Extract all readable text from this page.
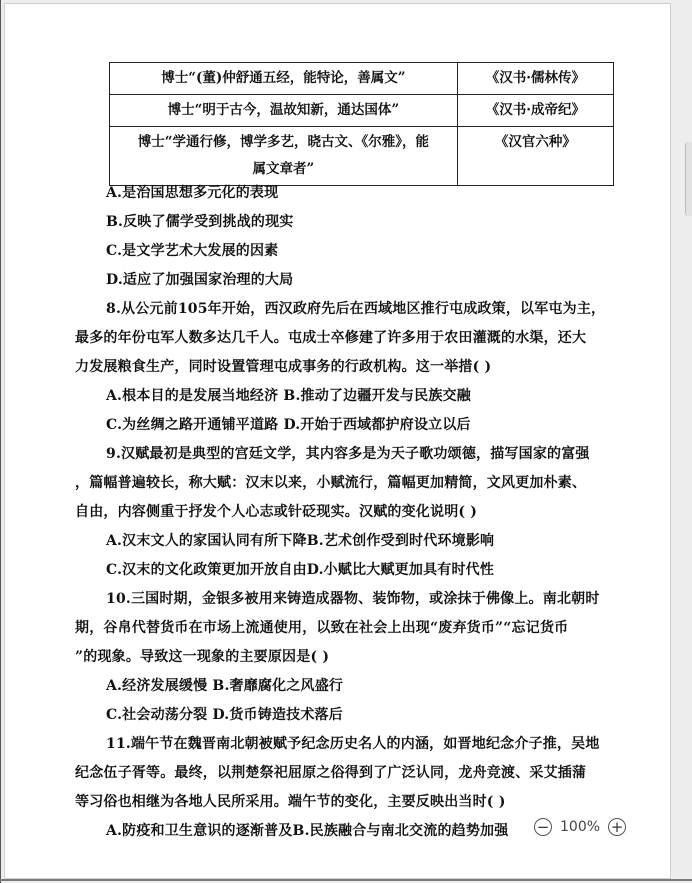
博士“(董)仲舒通五经，能特论，善属文”	《汉书·儒林传》
博士“明于古今，温故知新，通达国体”	《汉书·成帝纪》

博士“学通行修，博学多艺，晓古文、《尔雅》，能
属文章者”	《汉官六种》
A.是治国思想多元化的表现
B.反映了儒学受到挑战的现实
C.是文学艺术大发展的因素
D.适应了加强国家治理的大局
8.从公元前105年开始，西汉政府先后在西域地区推行屯成政策，以军屯为主，
最多的年份屯军人数多达几千人。屯成士卒修建了许多用于农田灌溉的水渠，还大
力发展粮食生产，同时设置管理屯成事务的行政机构。这一举措( )
A.根本目的是发展当地经济 B.推动了边疆开发与民族交融
C.为丝绸之路开通铺平道路 D.开始于西域都护府设立以后
9.汉赋最初是典型的宫廷文学，其内容多是为天子歌功颂德，描写国家的富强
，篇幅普遍较长，称大赋：汉末以来，小赋流行，篇幅更加精简，文风更加朴素、
自由，内容侧重于抒发个人心志或针砭现实。汉赋的变化说明( )
A.汉末文人的家国认同有所下降B.艺术创作受到时代环境影响
C.汉末的文化政策更加开放自由D.小赋比大赋更加具有时代性
10.三国时期，金银多被用来铸造成器物、装饰物，或涂抹于佛像上。南北朝时
期，谷帛代替货币在市场上流通使用，以致在社会上出现“废弃货币”“忘记货币
”的现象。导致这一现象的主要原因是( )
A.经济发展缓慢 B.奢靡腐化之风盛行
C.社会动荡分裂 D.货币铸造技术落后
11.端午节在魏晋南北朝被赋予纪念历史名人的内涵，如晋地纪念介子推，吴地
纪念伍子胥等。最终，以荆楚祭祀屈原之俗得到了广泛认同，龙舟竞渡、采艾插蒲
等习俗也相继为各地人民所采用。端午节的变化，主要反映出当时( )
A.防疫和卫生意识的逐渐普及B.民族融合与南北交流的趋势加强 − 100% +
